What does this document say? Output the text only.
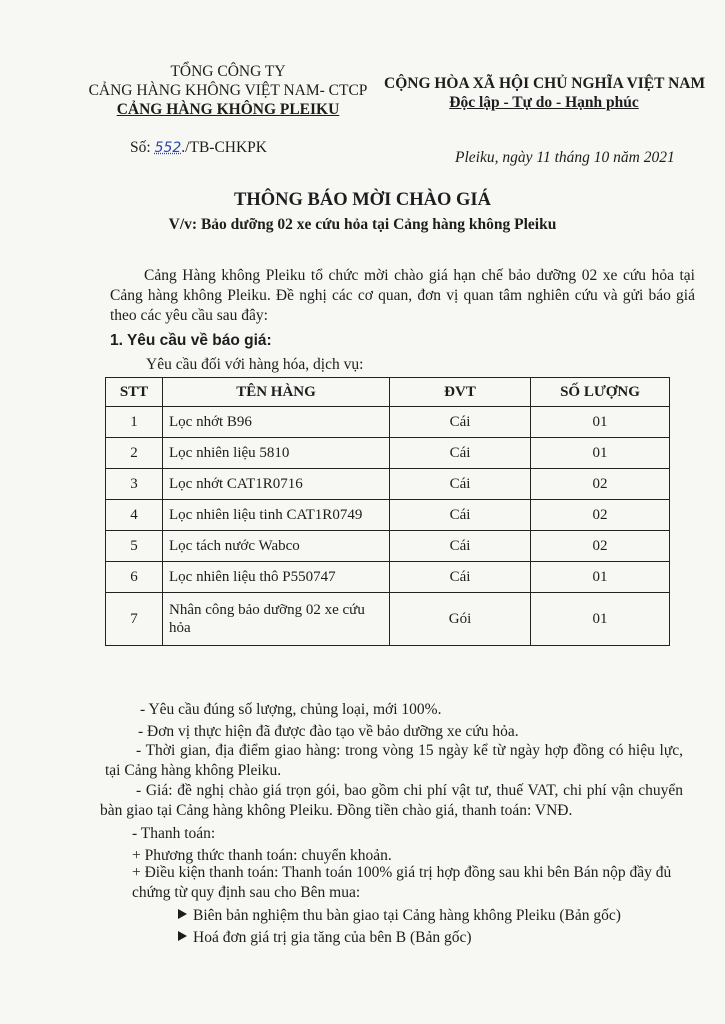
TỔNG CÔNG TY
CẢNG HÀNG KHÔNG VIỆT NAM- CTCP
CẢNG HÀNG KHÔNG PLEIKU
CỘNG HÒA XÃ HỘI CHỦ NGHĨA VIỆT NAM
Độc lập - Tự do - Hạnh phúc
Số: 552./TB-CHKPK
Pleiku, ngày 11 tháng 10 năm 2021
THÔNG BÁO MỜI CHÀO GIÁ
V/v: Bảo dưỡng 02 xe cứu hỏa tại Cảng hàng không Pleiku
Cảng Hàng không Pleiku tổ chức mời chào giá hạn chế bảo dưỡng 02 xe cứu hỏa tại Cảng hàng không Pleiku. Đề nghị các cơ quan, đơn vị quan tâm nghiên cứu và gửi báo giá theo các yêu cầu sau đây:
1. Yêu cầu về báo giá:
Yêu cầu đối với hàng hóa, dịch vụ:
STT	TÊN HÀNG	ĐVT	SỐ LƯỢNG
1	Lọc nhớt B96	Cái	01
2	Lọc nhiên liệu 5810	Cái	01
3	Lọc nhớt CAT1R0716	Cái	02
4	Lọc nhiên liệu tinh CAT1R0749	Cái	02
5	Lọc tách nước Wabco	Cái	02
6	Lọc nhiên liệu thô P550747	Cái	01
7	Nhân công bảo dưỡng 02 xe cứu hỏa	Gói	01
- Yêu cầu đúng số lượng, chủng loại, mới 100%.
- Đơn vị thực hiện đã được đào tạo về bảo dưỡng xe cứu hỏa.
- Thời gian, địa điểm giao hàng: trong vòng 15 ngày kể từ ngày hợp đồng có hiệu lực, tại Cảng hàng không Pleiku.
- Giá: đề nghị chào giá trọn gói, bao gồm chi phí vật tư, thuế VAT, chi phí vận chuyển bàn giao tại Cảng hàng không Pleiku. Đồng tiền chào giá, thanh toán: VNĐ.
- Thanh toán:
+ Phương thức thanh toán: chuyển khoản.
+ Điều kiện thanh toán: Thanh toán 100% giá trị hợp đồng sau khi bên Bán nộp đầy đủ chứng từ quy định sau cho Bên mua:
Biên bản nghiệm thu bàn giao tại Cảng hàng không Pleiku (Bản gốc)
Hoá đơn giá trị gia tăng của bên B (Bản gốc)
